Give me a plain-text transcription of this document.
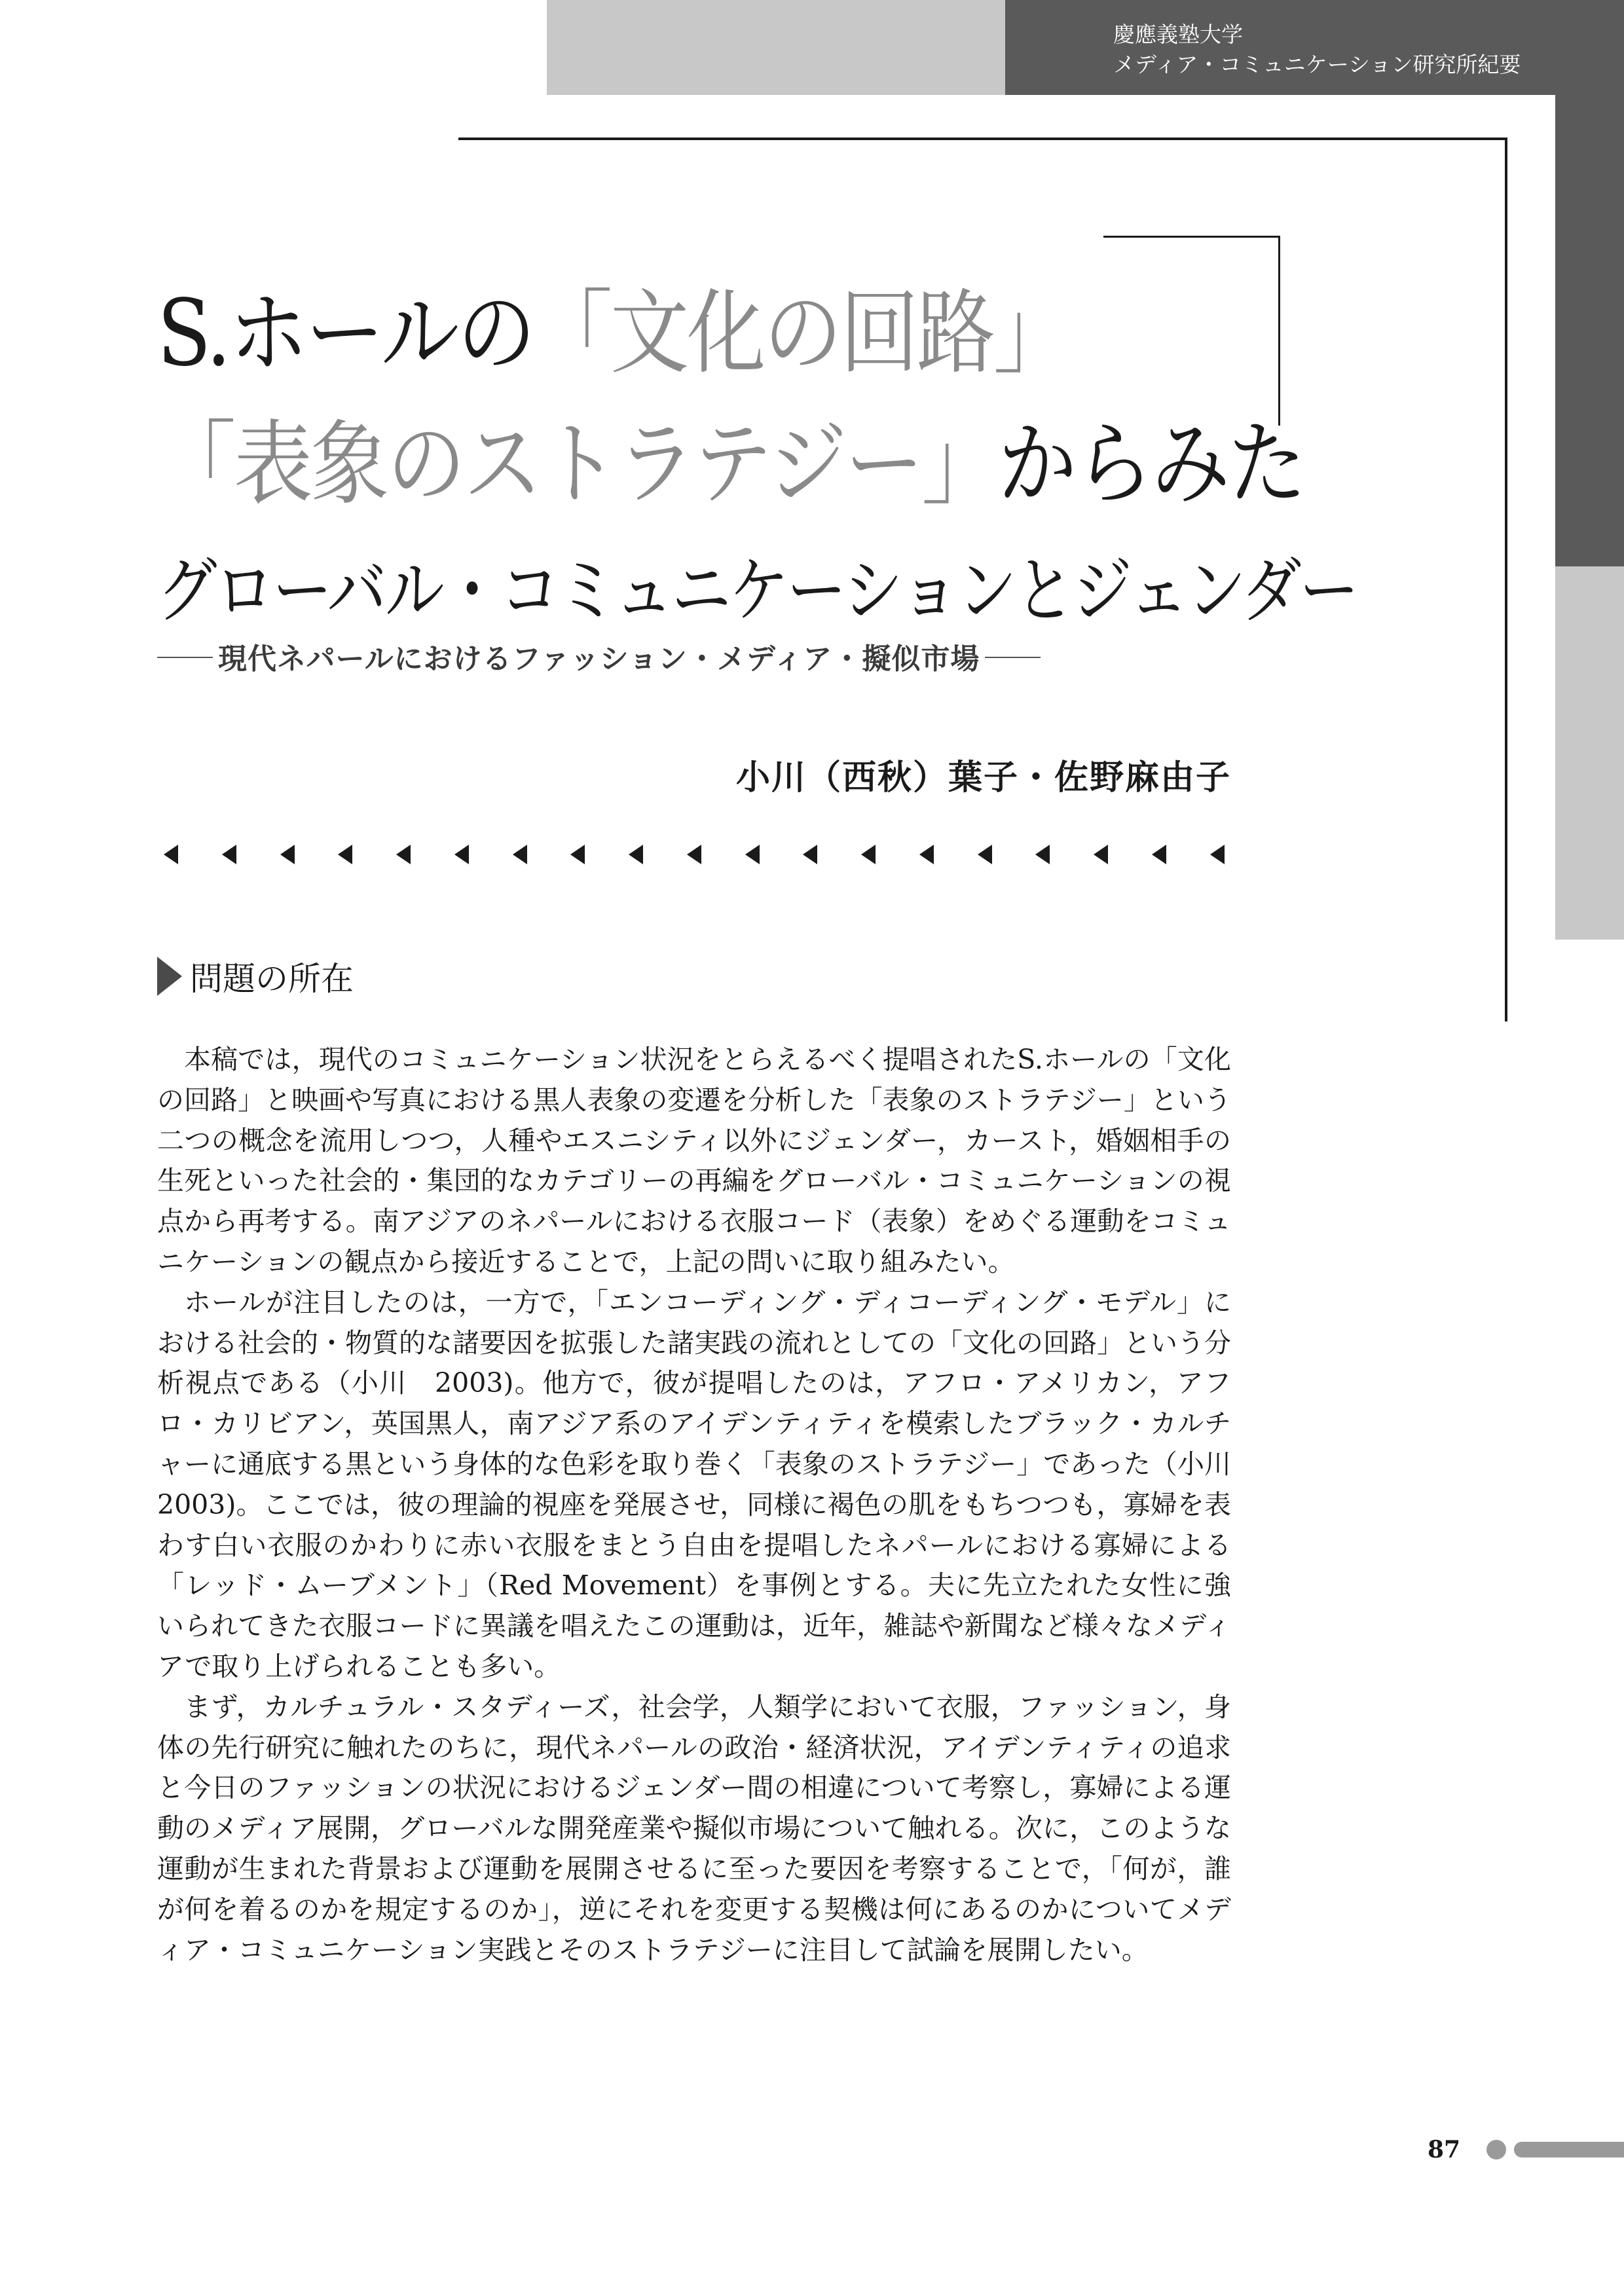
慶應義塾大学
メディア・コミュニケーション研究所紀要
S.ホールの「文化の回路」
「表象のストラテジー」からみた
グローバル・コミュニケーションとジェンダー
現代ネパールにおけるファッション・メディア・擬似市場
小川（西秋）葉子・佐野麻由子
問題の所在

本稿では，現代のコミュニケーション状況をとらえるべく提唱されたS.ホールの「文化の回路」と映画や写真における黒人表象の変遷を分析した「表象のストラテジー」という二つの概念を流用しつつ，人種やエスニシティ以外にジェンダー，カースト，婚姻相手の生死といった社会的・集団的なカテゴリーの再編をグローバル・コミュニケーションの視点から再考する。南アジアのネパールにおける衣服コード（表象）をめぐる運動をコミュニケーションの観点から接近することで，上記の問いに取り組みたい。

ホールが注目したのは，一方で，「エンコーディング・ディコーディング・モデル」における社会的・物質的な諸要因を拡張した諸実践の流れとしての「文化の回路」という分析視点である（小川　2003)。他方で，彼が提唱したのは，アフロ・アメリカン，アフロ・カリビアン，英国黒人，南アジア系のアイデンティティを模索したブラック・カルチャーに通底する黒という身体的な色彩を取り巻く「表象のストラテジー」であった（小川　2003)。ここでは，彼の理論的視座を発展させ，同様に褐色の肌をもちつつも，寡婦を表わす白い衣服のかわりに赤い衣服をまとう自由を提唱したネパールにおける寡婦による「レッド・ムーブメント」（Red Movement）を事例とする。夫に先立たれた女性に強いられてきた衣服コードに異議を唱えたこの運動は，近年，雑誌や新聞など様々なメディアで取り上げられることも多い。

まず，カルチュラル・スタディーズ，社会学，人類学において衣服，ファッション，身体の先行研究に触れたのちに，現代ネパールの政治・経済状況，アイデンティティの追求と今日のファッションの状況におけるジェンダー間の相違について考察し，寡婦による運動のメディア展開，グローバルな開発産業や擬似市場について触れる。次に，このような運動が生まれた背景および運動を展開させるに至った要因を考察することで，「何が，誰が何を着るのかを規定するのか」，逆にそれを変更する契機は何にあるのかについてメディア・コミュニケーション実践とそのストラテジーに注目して試論を展開したい。

87
